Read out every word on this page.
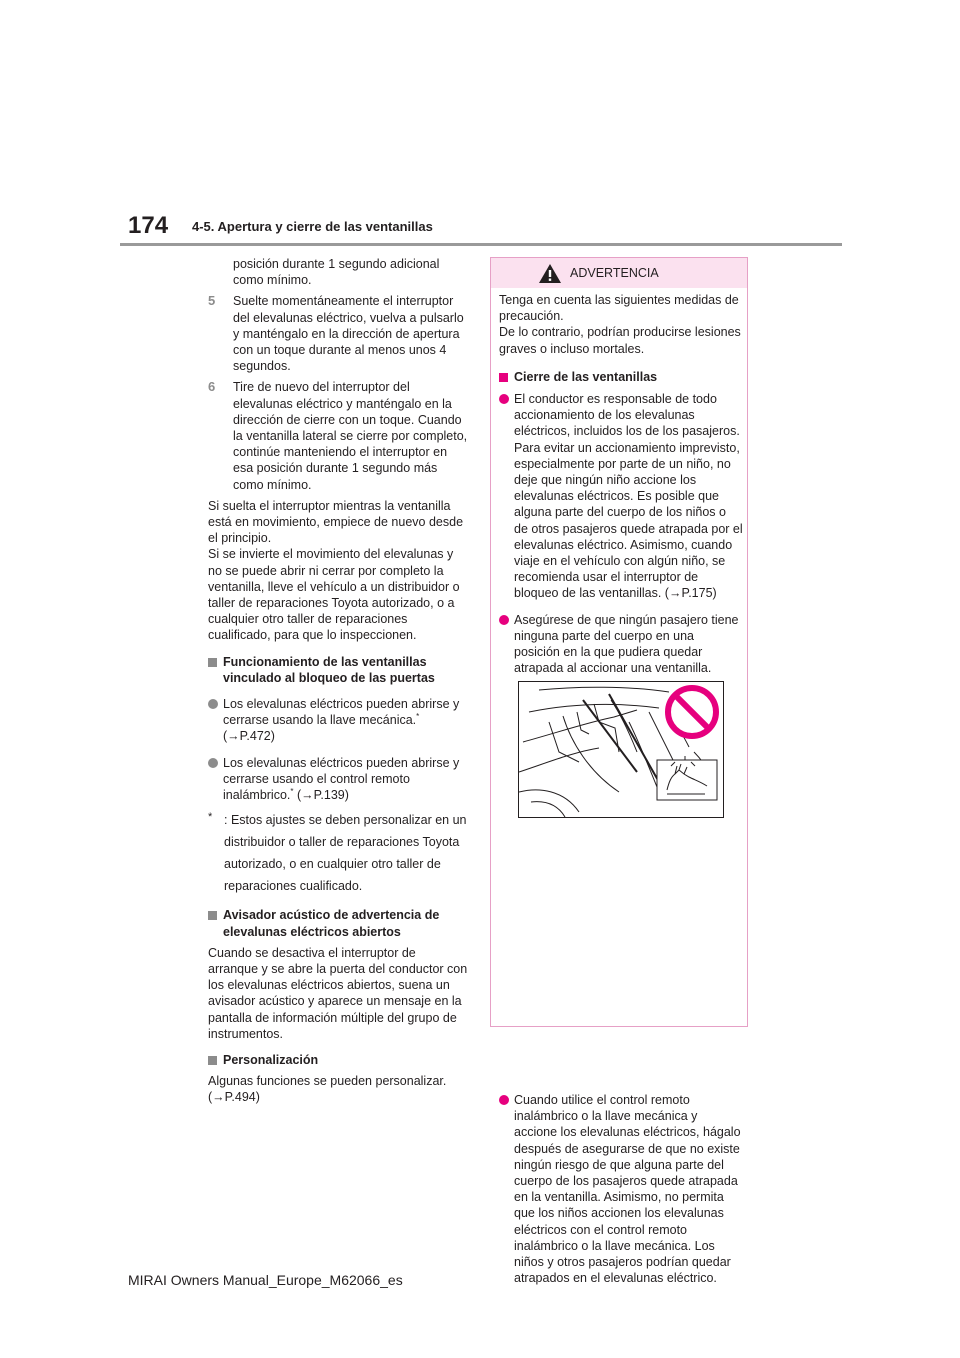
174 4-5. Apertura y cierre de las ventanillas

posición durante 1 segundo adicional como mínimo.

5 Suelte momentáneamente el interruptor del elevalunas eléctrico, vuelva a pulsarlo y manténgalo en la dirección de apertura con un toque durante al menos unos 4 segundos.
6 Tire de nuevo del interruptor del elevalunas eléctrico y manténgalo en la dirección de cierre con un toque. Cuando la ventanilla lateral se cierre por completo, continúe manteniendo el interruptor en esa posición durante 1 segundo más como mínimo.

Si suelta el interruptor mientras la ventanilla está en movimiento, empiece de nuevo desde el principio.

Si se invierte el movimiento del elevalunas y no se puede abrir ni cerrar por completo la ventanilla, lleve el vehículo a un distribuidor o taller de reparaciones Toyota autorizado, o a cualquier otro taller de reparaciones cualificado, para que lo inspeccionen.

Funcionamiento de las ventanillas vinculado al bloqueo de las puertas
Los elevalunas eléctricos pueden abrirse y cerrarse usando la llave mecánica.* (→P.472)
Los elevalunas eléctricos pueden abrirse y cerrarse usando el control remoto inalámbrico.* (→P.139)
* : Estos ajustes se deben personalizar en un distribuidor o taller de reparaciones Toyota autorizado, o en cualquier otro taller de reparaciones cualificado.
Avisador acústico de advertencia de elevalunas eléctricos abiertos

Cuando se desactiva el interruptor de arranque y se abre la puerta del conductor con los elevalunas eléctricos abiertos, suena un avisador acústico y aparece un mensaje en la pantalla de información múltiple del grupo de instrumentos.

Personalización

Algunas funciones se pueden personalizar.
(→P.494)

ADVERTENCIA

Tenga en cuenta las siguientes medidas de precaución.

De lo contrario, podrían producirse lesiones graves o incluso mortales.

Cierre de las ventanillas
El conductor es responsable de todo accionamiento de los elevalunas eléctricos, incluidos los de los pasajeros. Para evitar un accionamiento imprevisto, especialmente por parte de un niño, no deje que ningún niño accione los elevalunas eléctricos. Es posible que alguna parte del cuerpo de los niños o de otros pasajeros quede atrapada por el elevalunas eléctrico. Asimismo, cuando viaje en el vehículo con algún niño, se recomienda usar el interruptor de bloqueo de las ventanillas. (→P.175)
Asegúrese de que ningún pasajero tiene ninguna parte del cuerpo en una posición en la que pudiera quedar atrapada al accionar una ventanilla.
Cuando utilice el control remoto inalámbrico o la llave mecánica y accione los elevalunas eléctricos, hágalo después de asegurarse de que no existe ningún riesgo de que alguna parte del cuerpo de los pasajeros quede atrapada en la ventanilla. Asimismo, no permita que los niños accionen los elevalunas eléctricos con el control remoto inalámbrico o la llave mecánica. Los niños y otros pasajeros podrían quedar atrapados en el elevalunas eléctrico.
MIRAI Owners Manual_Europe_M62066_es
